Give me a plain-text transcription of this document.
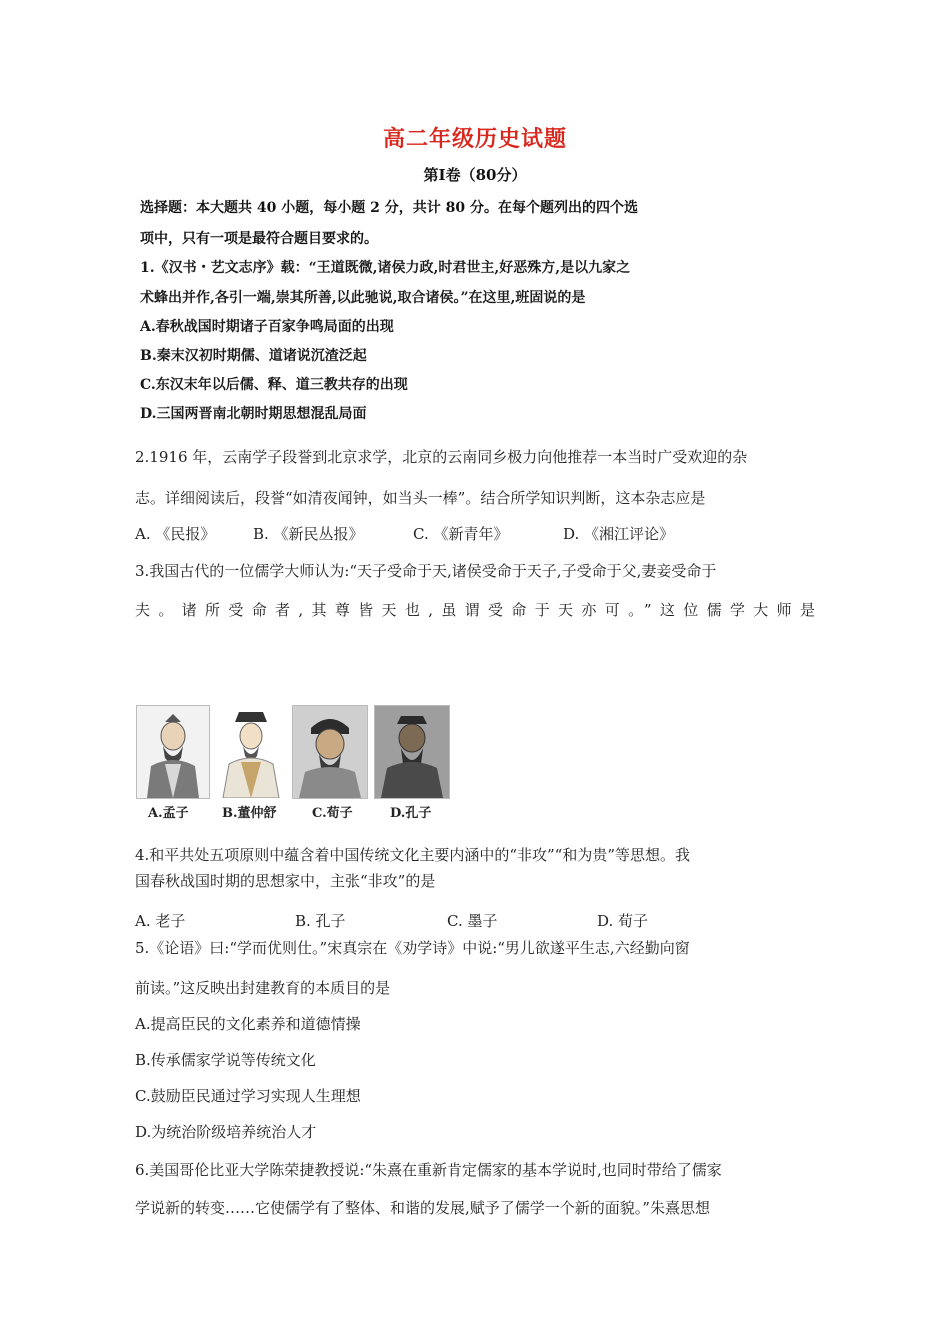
高二年级历史试题
第Ⅰ卷（80分）
选择题：本大题共 40 小题，每小题 2 分，共计 80 分。在每个题列出的四个选
项中，只有一项是最符合题目要求的。
1.《汉书・艺文志序》载：“王道既微,诸侯力政,时君世主,好恶殊方,是以九家之
术蜂出并作,各引一端,崇其所善,以此驰说,取合诸侯。”在这里,班固说的是
A.春秋战国时期诸子百家争鸣局面的出现
B.秦末汉初时期儒、道诸说沉渣泛起
C.东汉末年以后儒、释、道三教共存的出现
D.三国两晋南北朝时期思想混乱局面
2.1916 年，云南学子段誉到北京求学，北京的云南同乡极力向他推荐一本当时广受欢迎的杂
志。详细阅读后，段誉“如清夜闻钟，如当头一棒”。结合所学知识判断，这本杂志应是
A. 《民报》	B. 《新民丛报》	C. 《新青年》	D. 《湘江评论》
3.我国古代的一位儒学大师认为:“天子受命于天,诸侯受命于天子,子受命于父,妻妾受命于
夫。诸所受命者,其尊皆天也,虽谓受命于天亦可。”这位儒学大师是
A.孟子	B.董仲舒	C.荀子	D.孔子
4.和平共处五项原则中蕴含着中国传统文化主要内涵中的“非攻”“和为贵”等思想。我
国春秋战国时期的思想家中，主张“非攻”的是
A. 老子	B. 孔子	C. 墨子	D. 荀子
5.《论语》曰:“学而优则仕。”宋真宗在《劝学诗》中说:“男儿欲遂平生志,六经勤向窗
前读。”这反映出封建教育的本质目的是
A.提高臣民的文化素养和道德情操
B.传承儒家学说等传统文化
C.鼓励臣民通过学习实现人生理想
D.为统治阶级培养统治人才
6.美国哥伦比亚大学陈荣捷教授说:“朱熹在重新肯定儒家的基本学说时,也同时带给了儒家
学说新的转变……它使儒学有了整体、和谐的发展,赋予了儒学一个新的面貌。”朱熹思想
